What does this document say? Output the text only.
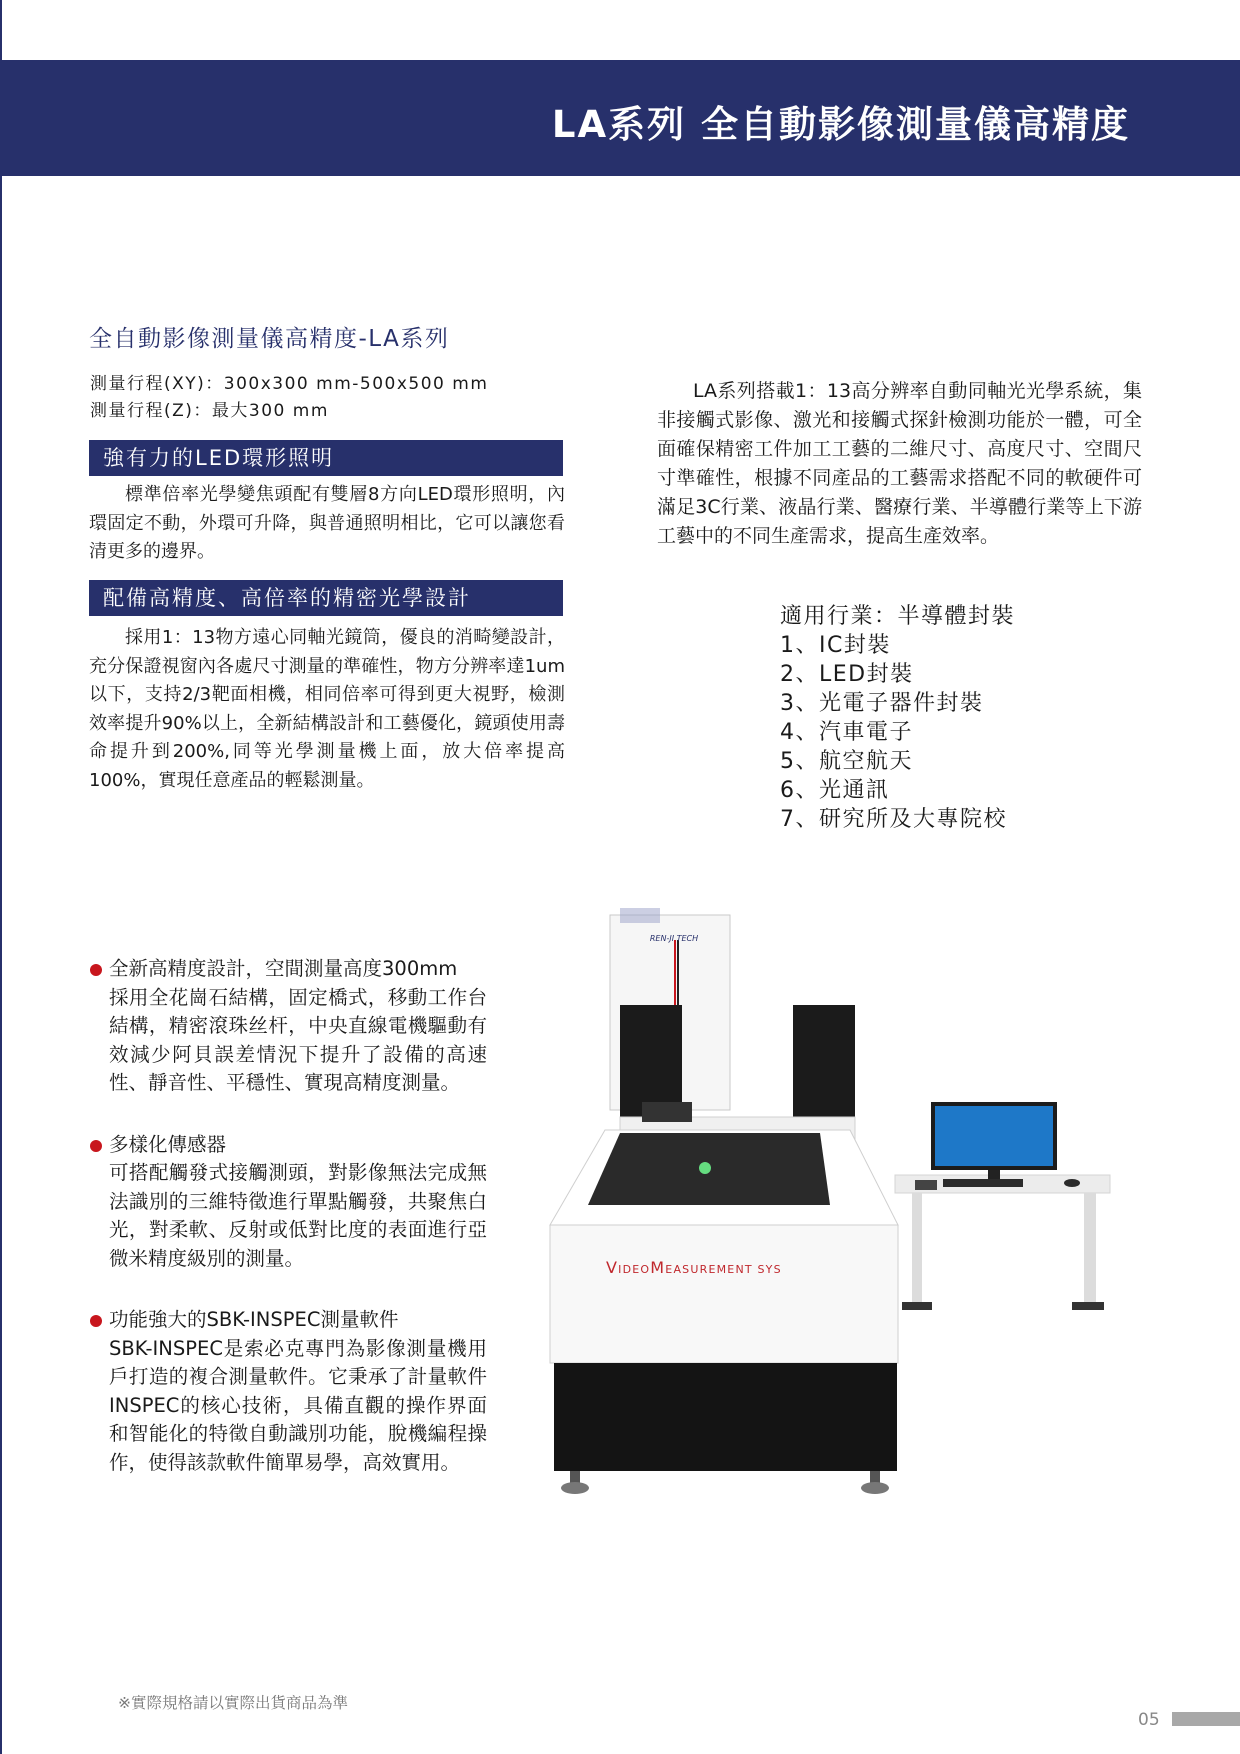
LA系列 全自動影像測量儀高精度
全自動影像測量儀高精度-LA系列
測量行程(XY)：300x300 mm-500x500 mm
測量行程(Z)：最大300 mm
強有力的LED環形照明

標準倍率光學變焦頭配有雙層8方向LED環形照明，內環固定不動，外環可升降，與普通照明相比，它可以讓您看清更多的邊界。

配備高精度、高倍率的精密光學設計

採用1：13物方遠心同軸光鏡筒，優良的消畸變設計，充分保證視窗內各處尺寸測量的準確性，物方分辨率達1um以下，支持2/3靶面相機，相同倍率可得到更大視野，檢測效率提升90%以上，全新結構設計和工藝優化，鏡頭使用壽命提升到200%,同等光學測量機上面，放大倍率提高100%，實現任意產品的輕鬆測量。

LA系列搭載1：13高分辨率自動同軸光光學系統，集非接觸式影像、激光和接觸式探針檢測功能於一體，可全面確保精密工件加工工藝的二維尺寸、高度尺寸、空間尺寸準確性，根據不同產品的工藝需求搭配不同的軟硬件可滿足3C行業、液晶行業、醫療行業、半導體行業等上下游工藝中的不同生產需求，提高生產效率。

適用行業：半導體封裝
1、IC封裝
2、LED封裝
3、光電子器件封裝
4、汽車電子
5、航空航天
6、光通訊
7、研究所及大專院校
全新高精度設計，空間測量高度300mm
採用全花崗石結構，固定橋式，移動工作台結構，精密滾珠丝杆，中央直線電機驅動有效減少阿貝誤差情況下提升了設備的高速性、靜音性、平穩性、實現高精度測量。
多樣化傳感器
可搭配觸發式接觸測頭，對影像無法完成無法識別的三維特徵進行單點觸發，共聚焦白光，對柔軟、反射或低對比度的表面進行亞微米精度級別的測量。
功能強大的SBK-INSPEC測量軟件
SBK-INSPEC是索必克專門為影像測量機用戶打造的複合測量軟件。它秉承了計量軟件INSPEC的核心技術，具備直觀的操作界面和智能化的特徵自動識別功能，脫機編程操作，使得該款軟件簡單易學，高效實用。
REN-JI TECH
VIDEOMEASUREMENT SYS
※實際規格請以實際出貨商品為準
05
